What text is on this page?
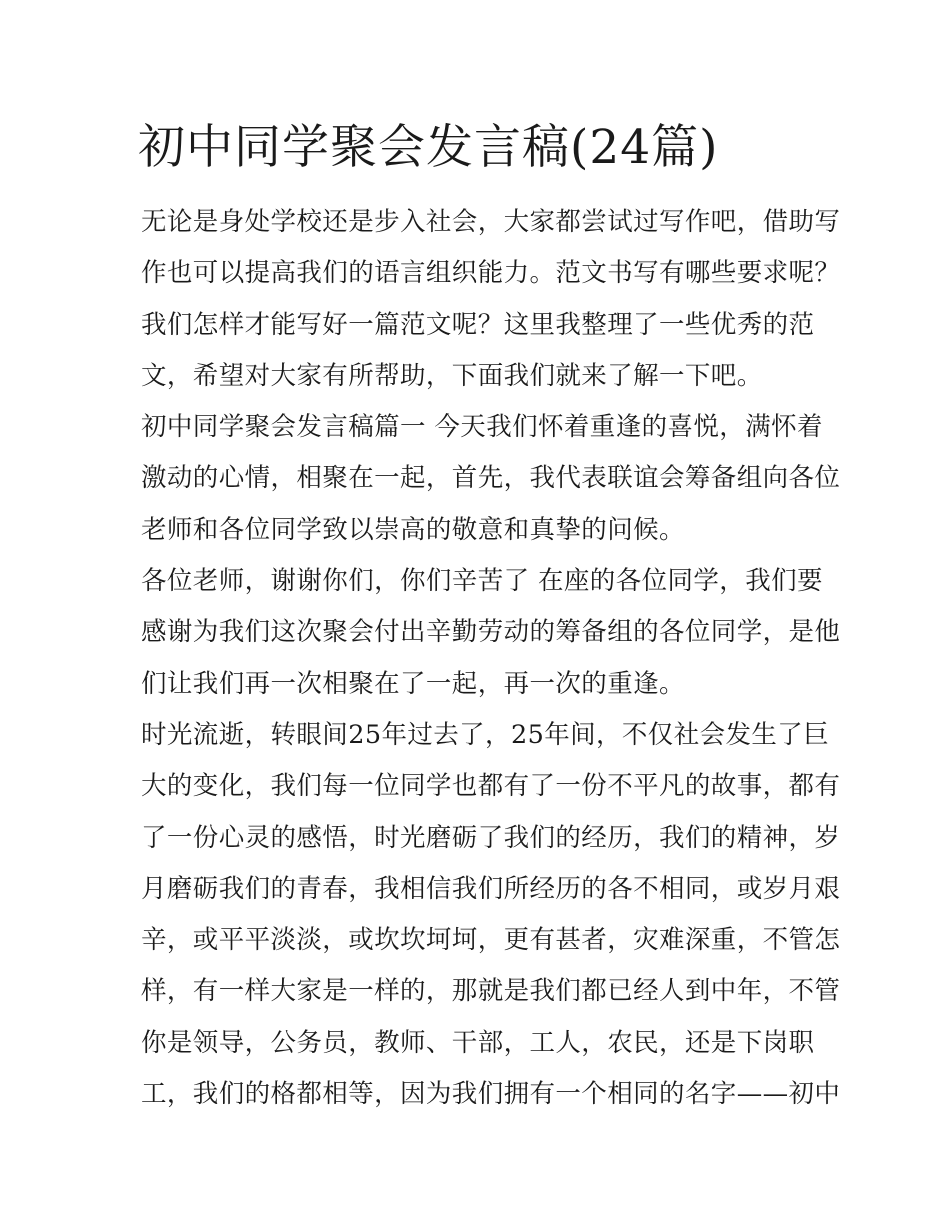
初中同学聚会发言稿(24篇)
无论是身处学校还是步入社会，大家都尝试过写作吧，借助写
作也可以提高我们的语言组织能力。范文书写有哪些要求呢？
我们怎样才能写好一篇范文呢？这里我整理了一些优秀的范
文，希望对大家有所帮助，下面我们就来了解一下吧。
初中同学聚会发言稿篇一 今天我们怀着重逢的喜悦，满怀着
激动的心情，相聚在一起，首先，我代表联谊会筹备组向各位
老师和各位同学致以崇高的敬意和真挚的问候。
各位老师，谢谢你们，你们辛苦了 在座的各位同学，我们要
感谢为我们这次聚会付出辛勤劳动的筹备组的各位同学，是他
们让我们再一次相聚在了一起，再一次的重逢。
时光流逝，转眼间25年过去了，25年间，不仅社会发生了巨
大的变化，我们每一位同学也都有了一份不平凡的故事，都有
了一份心灵的感悟，时光磨砺了我们的经历，我们的精神，岁
月磨砺我们的青春，我相信我们所经历的各不相同，或岁月艰
辛，或平平淡淡，或坎坎坷坷，更有甚者，灾难深重，不管怎
样，有一样大家是一样的，那就是我们都已经人到中年，不管
你是领导，公务员，教师、干部，工人，农民，还是下岗职
工，我们的格都相等，因为我们拥有一个相同的名字——初中
